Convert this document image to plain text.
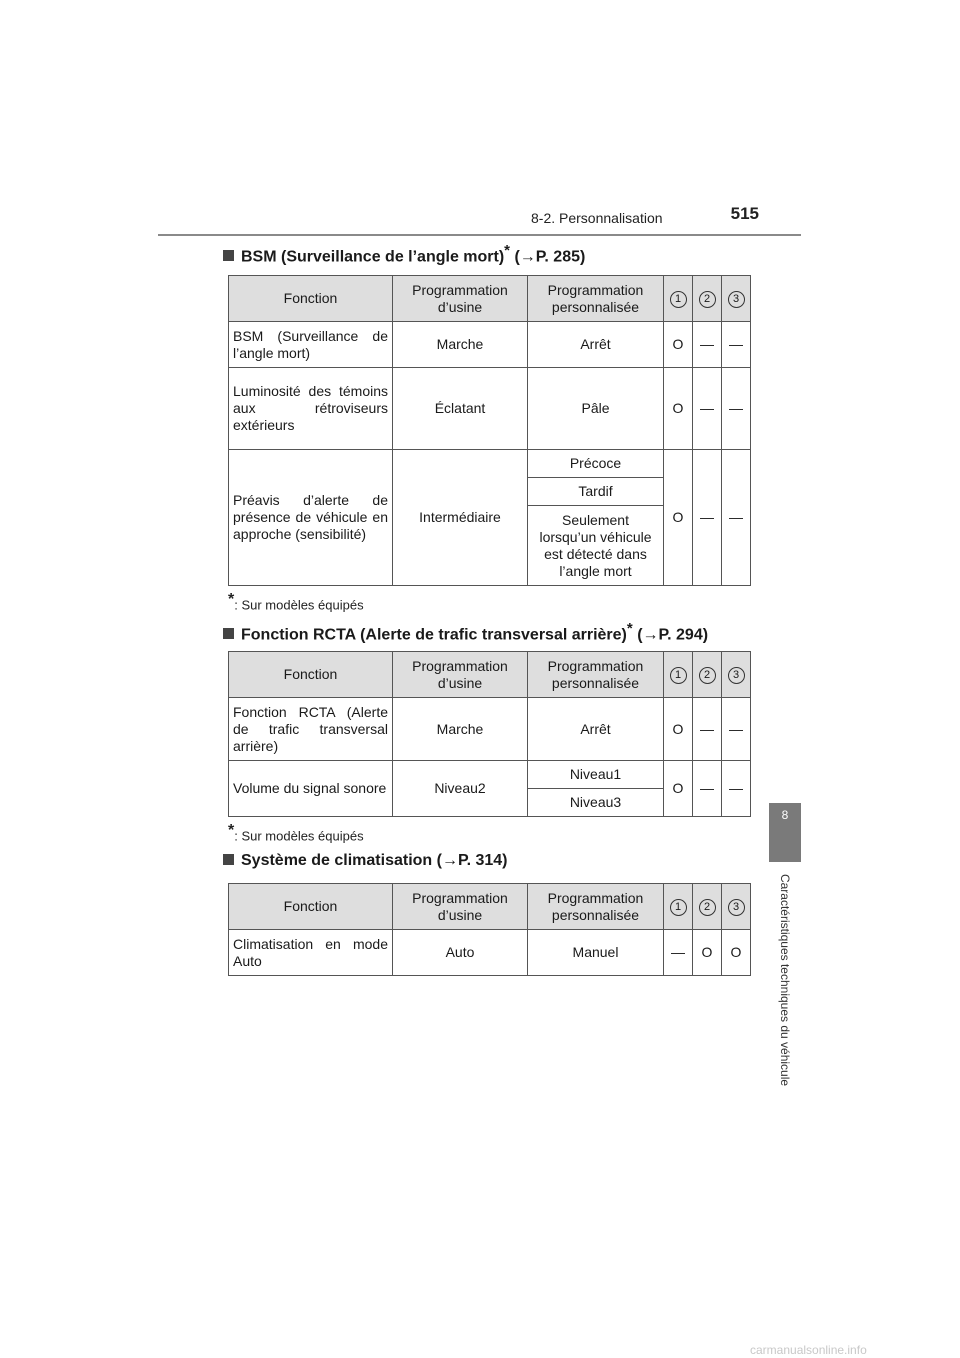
8-2. Personnalisation	515
8
Caractéristiques techniques du véhicule
BSM (Surveillance de l’angle mort)* (→P. 285)
Fonction	Programmation d’usine	Programmation personnalisée	1	2	3
BSM (Surveillance de l’angle mort)	Marche	Arrêt	O	—	—
Luminosité des témoins aux rétroviseurs extérieurs	Éclatant	Pâle	O	—	—
Préavis d’alerte de présence de véhicule en approche (sensibilité)	Intermédiaire	Précoce	O	—	—
		Tardif			
		Seulement lorsqu’un véhicule est détecté dans l’angle mort			
*: Sur modèles équipés
Fonction RCTA (Alerte de trafic transversal arrière)* (→P. 294)
Fonction	Programmation d’usine	Programmation personnalisée	1	2	3
Fonction RCTA (Alerte de trafic transversal arrière)	Marche	Arrêt	O	—	—
Volume du signal sonore	Niveau2	Niveau1	O	—	—
		Niveau3			
*: Sur modèles équipés
Système de climatisation (→P. 314)
Fonction	Programmation d’usine	Programmation personnalisée	1	2	3
Climatisation en mode Auto	Auto	Manuel	—	O	O
carmanualsonline.info
